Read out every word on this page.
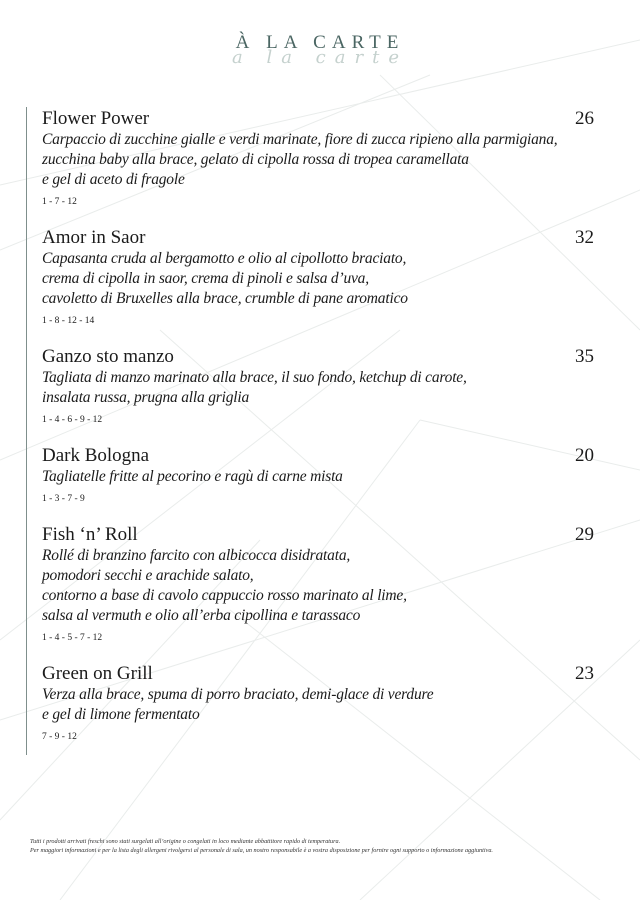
a la carte
À LA CARTE
Flower Power	26
Carpaccio di zucchine gialle e verdi marinate, fiore di zucca ripieno alla parmigiana,
zucchina baby alla brace, gelato di cipolla rossa di tropea caramellata
e gel di aceto di fragole
1 - 7 - 12
Amor in Saor	32
Capasanta cruda al bergamotto e olio al cipollotto braciato,
crema di cipolla in saor, crema di pinoli e salsa d’uva,
cavoletto di Bruxelles alla brace, crumble di pane aromatico
1 - 8 - 12 - 14
Ganzo sto manzo	35
Tagliata di manzo marinato alla brace, il suo fondo, ketchup di carote,
insalata russa, prugna alla griglia
1 - 4 - 6 - 9 - 12
Dark Bologna	20
Tagliatelle fritte al pecorino e ragù di carne mista
1 - 3 - 7 - 9
Fish ‘n’ Roll	29
Rollé di branzino farcito con albicocca disidratata,
pomodori secchi e arachide salato,
contorno a base di cavolo cappuccio rosso marinato al lime,
salsa al vermuth e olio all’erba cipollina e tarassaco
1 - 4 - 5 - 7 - 12
Green on Grill	23
Verza alla brace, spuma di porro braciato, demi-glace di verdure
e gel di limone fermentato
7 - 9 - 12
Tutti i prodotti arrivati freschi sono stati surgelati all’origine o congelati in loco mediante abbattitore rapido di temperatura.
Per maggiori informazioni e per la lista degli allergeni rivolgersi al personale di sala, un nostro responsabile è a vostra disposizione per fornire ogni supporto o informazione aggiuntiva.
